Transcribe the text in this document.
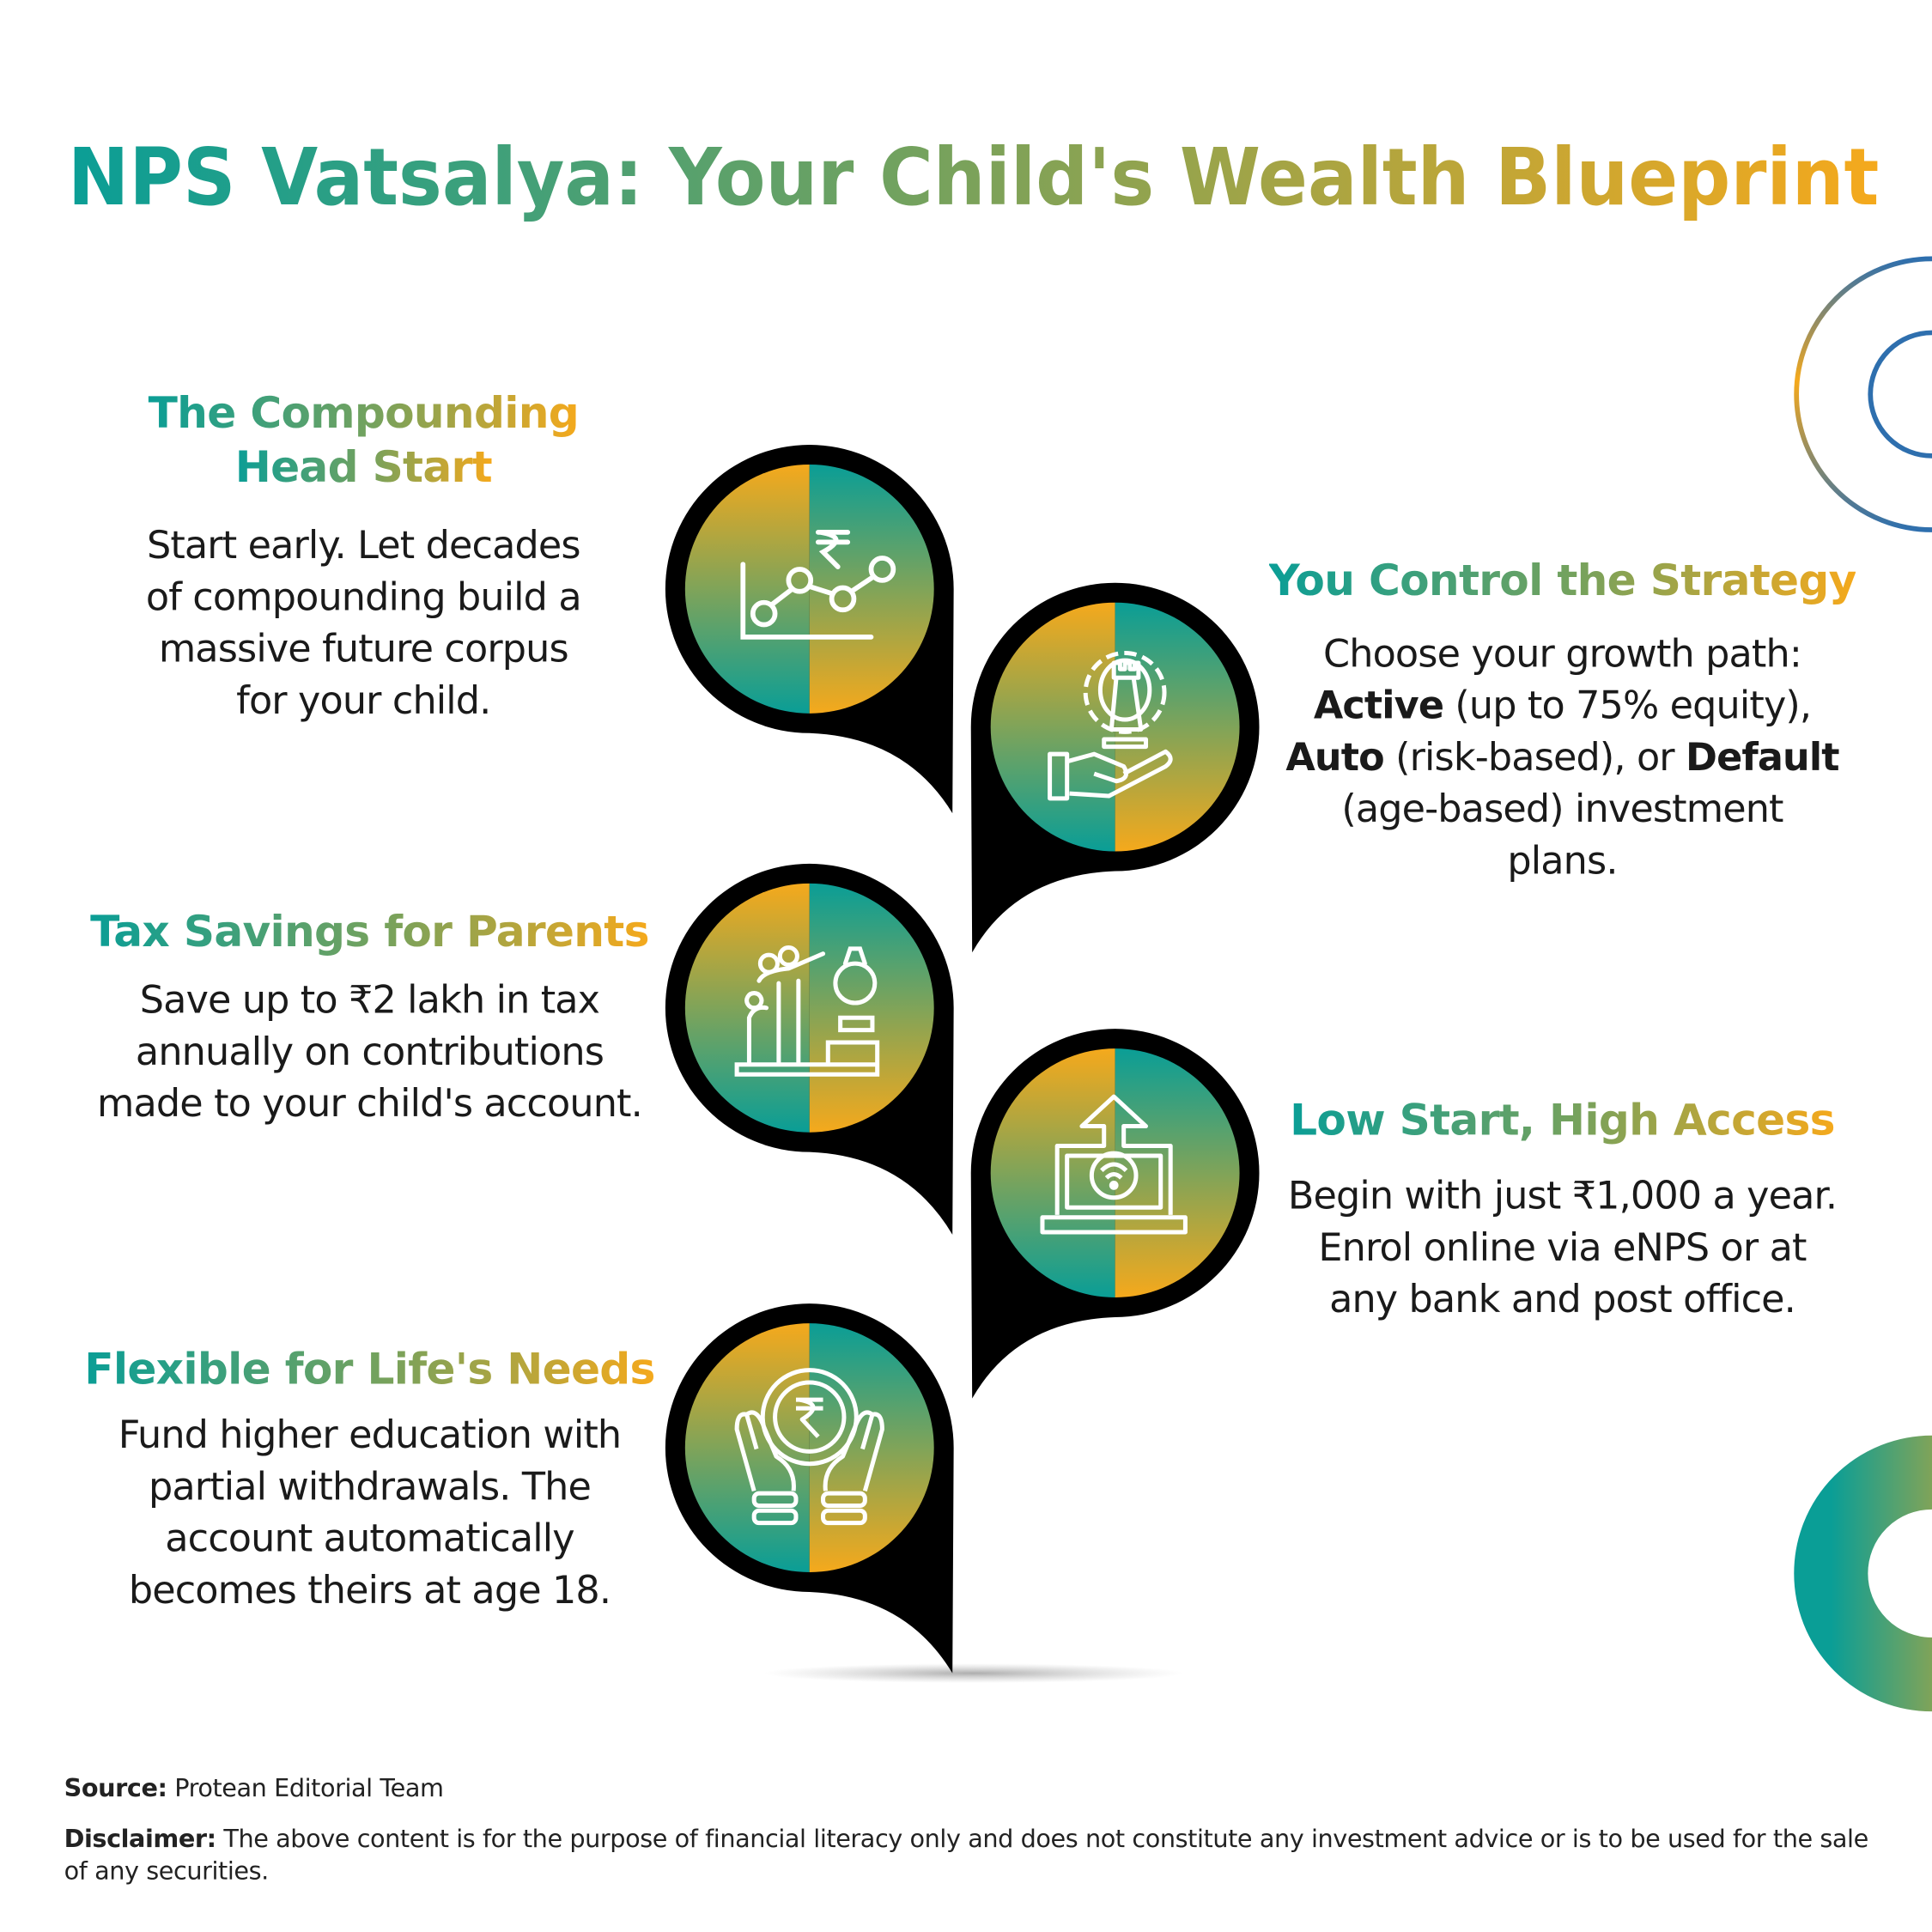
NPS Vatsalya: Your Child's Wealth Blueprint
The Compounding
Head Start
Start early. Let decades
of compounding build a
massive future corpus
for your child.
You Control the Strategy
Choose your growth path:
Active (up to 75% equity),
Auto (risk-based), or Default
(age-based) investment
plans.
Tax Savings for Parents
Save up to ₹2 lakh in tax
annually on contributions
made to your child's account.	Low Start, High Access
Begin with just ₹1,000 a year.
Enrol online via eNPS or at
any bank and post office.
Flexible for Life's Needs
Fund higher education with
partial withdrawals. The
account automatically
becomes theirs at age 18.
Source: Protean Editorial Team
Disclaimer: The above content is for the purpose of financial literacy only and does not constitute any investment advice or is to be used for the sale of any securities.
